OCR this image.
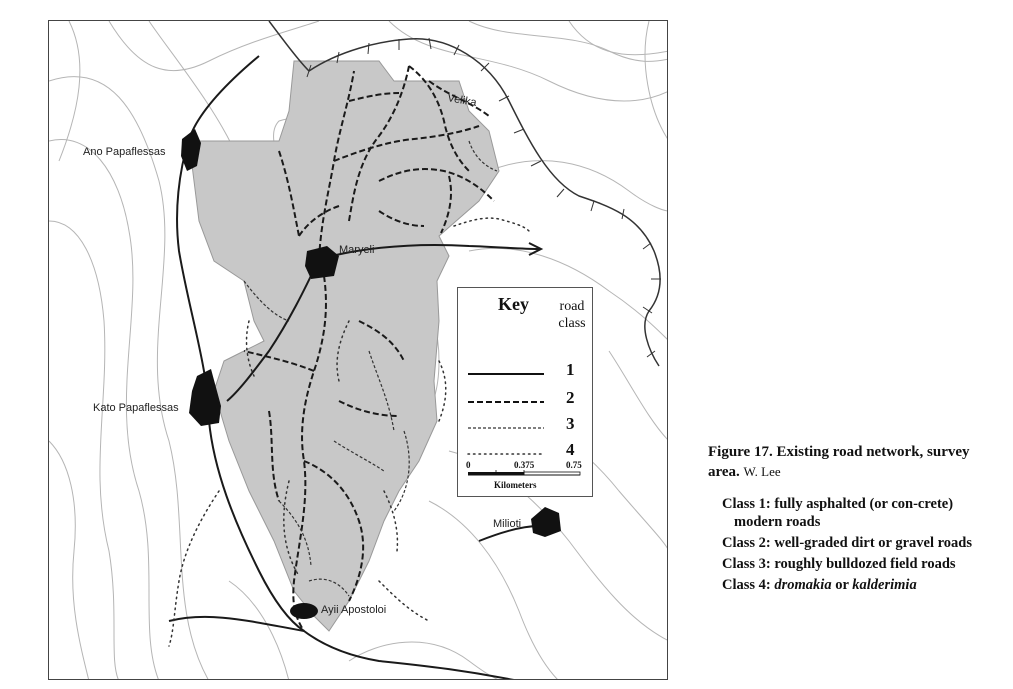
Velika
Ano Papaflessas
Maryeli
Kato Papaflessas
Milioti
Ayii Apostoloi
Key	road
class
1
2
3
4
0	0.375	0.75
Kilometers

Figure 17. Existing road network, survey area. W. Lee

Class 1: fully asphalted (or con-crete) modern roads
Class 2: well-graded dirt or gravel roads
Class 3: roughly bulldozed field roads
Class 4: dromakia or kalderimia
